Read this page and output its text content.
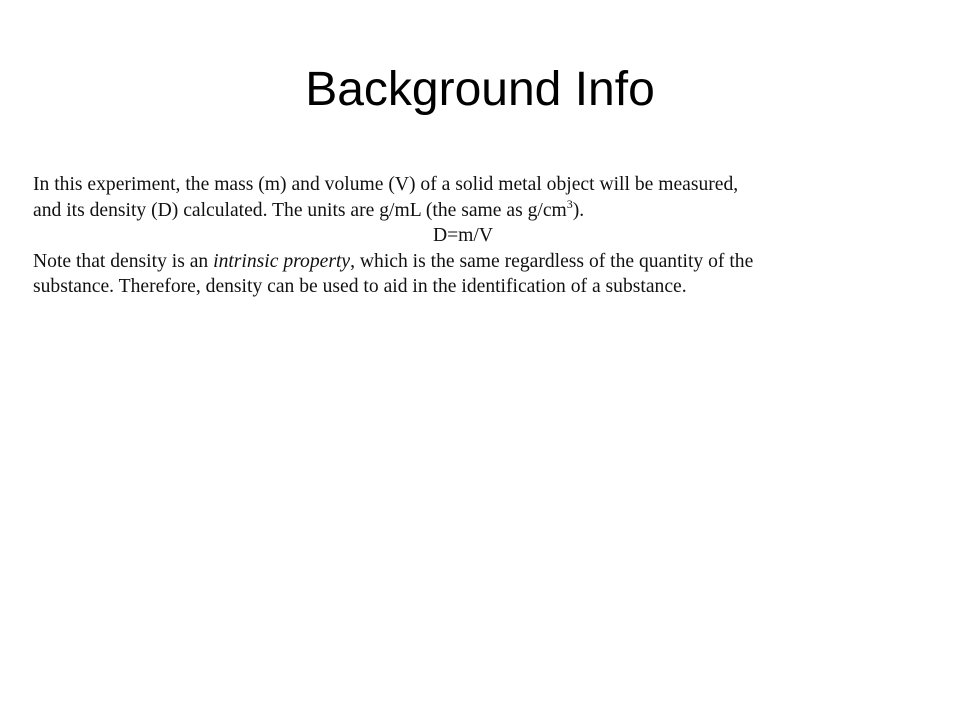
Background Info

In this experiment, the mass (m) and volume (V) of a solid metal object will be measured,

and its density (D) calculated. The units are g/mL (the same as $g/cm^3$).

D=m/V

Note that density is an intrinsic property, which is the same regardless of the quantity of the

substance. Therefore, density can be used to aid in the identification of a substance.
